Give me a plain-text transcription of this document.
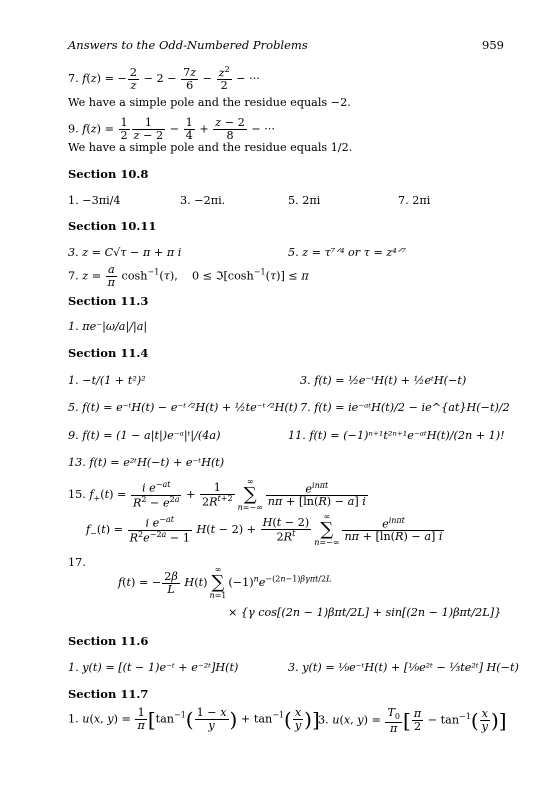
Answers to the Odd-Numbered Problems	959
7. f(z) = − $\frac{2}{z} - 2 - \frac{7z}{6} - \frac{z^2}{2}$ − ···
We have a simple pole and the residue equals −2.
9. $f(z) = \frac{1}{2} \frac{1}{z - 2} - \frac{1}{4} + \frac{z - 2}{8}$ − ···
We have a simple pole and the residue equals 1/2.
Section 10.8
1. −3πi/4	3. −2πi.	5. 2πi	7. 2πi
Section 10.11
3. z = C√τ − π + π i	5. z = τ⁷ᐟ⁴ or τ = z⁴ᐟ⁷
7. $z = \frac{a}{\pi} \cosh^{-1}(\tau)$,    $0 \le ℑ[\cosh^{-1}(\tau)] \le \pi$
Section 11.3
1. πe⁻|ω/a|/|a|
Section 11.4
1. −t/(1 + t²)²	3. f(t) = ½e⁻ᵗH(t) + ½eᵗH(−t)
5. f(t) = e⁻ᵗH(t) − e⁻ᵗᐟ²H(t) + ½te⁻ᵗᐟ²H(t) 7. f(t) = ie⁻ᵃᵗH(t)/2 − ie^{at}H(−t)/2
9. f(t) = (1 − a|t|)e⁻ᵃ|ᵗ|/(4a)	11. f(t) = (−1)ⁿ⁺¹t²ⁿ⁺¹e⁻ᵃᵗH(t)/(2n + 1)!
13. f(t) = e²ᵗH(−t) + e⁻ᵗH(t)
15. $f_+(t) = \frac{i e^{-at}}{R^2 - e^{2a}} + \frac{1}{2R^{t+2}}$
∞
∑
$n=-\infty \frac{e^{in\pi t}}{n\pi + [\ln(R) - a] i}$
$f_-(t) = \frac{i e^{-at}}{R^2e^{-2a} - 1} H(t - 2) + \frac{H(t - 2)}{2R^t}$
∞
∑
$n=-\infty \frac{e^{in\pi t}}{n\pi + [\ln(R) - a] i}$
17.
f(t) = − $\frac{2\beta}{L} H(t)\infty$
∑
$n=1(-1)^ne^{-(2n-1)\beta\gamma\pi t/2L}$
× {γ cos[(2n − 1)βπt/2L] + sin[(2n − 1)βπt/2L]}
Section 11.6
1. y(t) = [(t − 1)e⁻ᵗ + e⁻²ᵗ]H(t)	3. y(t) = ⅑e⁻ᵗH(t) + [⅑e²ᵗ − ⅓te²ᵗ] H(−t)
Section 11.7
1. u(x, $y) = \frac{1}{\pi} [\tan^{-1}( \frac{1 - x}{y}$ ) + $\tan^{-1}( \frac{x}{y}$ )]
3. u(x, $y) = \frac{T_0}{\pi}$ [ $\frac{\pi}{2} - \tan^{-1}( \frac{x}{y}$ )]
